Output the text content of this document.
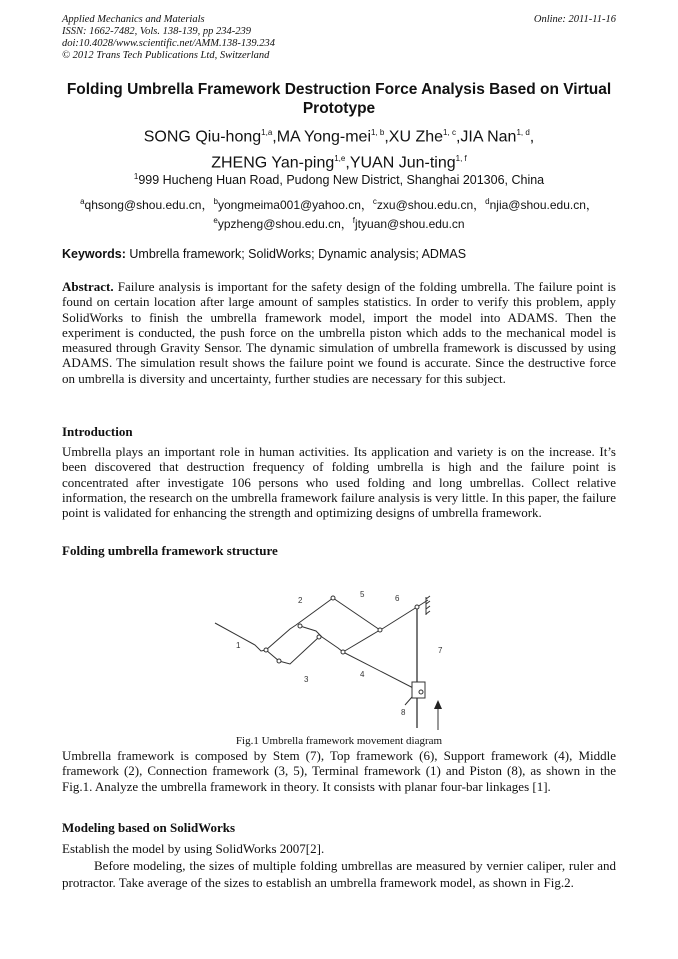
Applied Mechanics and Materials
ISSN: 1662-7482, Vols. 138-139, pp 234-239
doi:10.4028/www.scientific.net/AMM.138-139.234
© 2012 Trans Tech Publications Ltd, Switzerland
Online: 2011-11-16
Folding Umbrella Framework Destruction Force Analysis Based on Virtual Prototype
SONG Qiu-hong$^{1,a}$,MA Yong-mei$^{1, b}$,XU Zhe$^{1, c}$,JIA Nan$^{1, d}$,
ZHENG Yan-ping$^{1,e}$,YUAN Jun-ting$^{1, f}$
$^1$999 Hucheng Huan Road, Pudong New District, Shanghai 201306, China
$^a$qhsong@shou.edu.cn，$^b$yongmeima001@yahoo.cn，$^c$zxu@shou.edu.cn，$^d$njia@shou.edu.cn，
$^e$ypzheng@shou.edu.cn，$^f$jtyuan@shou.edu.cn
Keywords: Umbrella framework; SolidWorks; Dynamic analysis; ADMAS
Abstract. Failure analysis is important for the safety design of the folding umbrella. The failure point is found on certain location after large amount of samples statistics. In order to verify this problem, apply SolidWorks to finish the umbrella framework model, import the model into ADAMS. Then the experiment is conducted, the push force on the umbrella piston which adds to the mechanical model is measured through Gravity Sensor. The dynamic simulation of umbrella framework is discussed by using ADAMS. The simulation result shows the failure point we found is accurate. Since the destructive force on umbrella is diversity and uncertainty, further studies are necessary for this subject.
Introduction
Umbrella plays an important role in human activities. Its application and variety is on the increase. It’s been discovered that destruction frequency of folding umbrella is high and the failure point is concentrated after investigate 106 persons who used folding and long umbrellas. Collect relative information, the research on the umbrella framework failure analysis is very little. In this paper, the failure point is validated for enhancing the strength and optimizing designs of umbrella framework.
Folding umbrella framework structure
1
2
3
4
5	6
7
8
Fig.1 Umbrella framework movement diagram
Umbrella framework is composed by Stem (7), Top framework (6), Support framework (4), Middle framework (2), Connection framework (3, 5), Terminal framework (1) and Piston (8), as shown in the Fig.1. Analyze the umbrella framework in theory. It consists with planar four-bar linkages [1].
Modeling based on SolidWorks
Establish the model by using SolidWorks 2007[2].
Before modeling, the sizes of multiple folding umbrellas are measured by vernier caliper, ruler and protractor. Take average of the sizes to establish an umbrella framework model, as shown in Fig.2.
